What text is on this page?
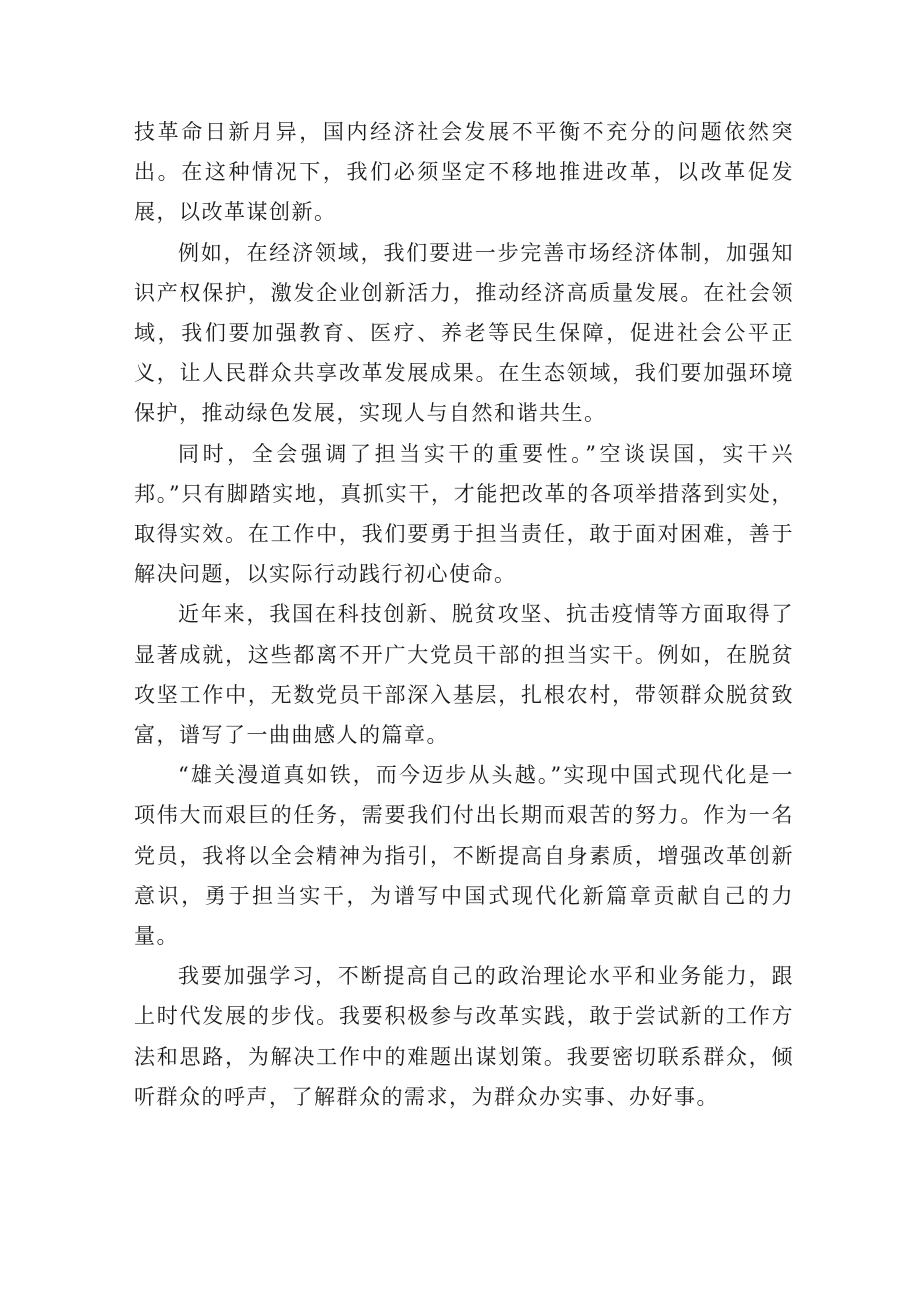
技革命日新月异，国内经济社会发展不平衡不充分的问题依然突出。在这种情况下，我们必须坚定不移地推进改革，以改革促发展，以改革谋创新。

例如，在经济领域，我们要进一步完善市场经济体制，加强知识产权保护，激发企业创新活力，推动经济高质量发展。在社会领域，我们要加强教育、医疗、养老等民生保障，促进社会公平正义，让人民群众共享改革发展成果。在生态领域，我们要加强环境保护，推动绿色发展，实现人与自然和谐共生。

同时，全会强调了担当实干的重要性。”空谈误国，实干兴邦。”只有脚踏实地，真抓实干，才能把改革的各项举措落到实处，取得实效。在工作中，我们要勇于担当责任，敢于面对困难，善于解决问题，以实际行动践行初心使命。

近年来，我国在科技创新、脱贫攻坚、抗击疫情等方面取得了显著成就，这些都离不开广大党员干部的担当实干。例如，在脱贫攻坚工作中，无数党员干部深入基层，扎根农村，带领群众脱贫致富，谱写了一曲曲感人的篇章。

“雄关漫道真如铁，而今迈步从头越。”实现中国式现代化是一项伟大而艰巨的任务，需要我们付出长期而艰苦的努力。作为一名党员，我将以全会精神为指引，不断提高自身素质，增强改革创新意识，勇于担当实干，为谱写中国式现代化新篇章贡献自己的力量。

我要加强学习，不断提高自己的政治理论水平和业务能力，跟上时代发展的步伐。我要积极参与改革实践，敢于尝试新的工作方法和思路，为解决工作中的难题出谋划策。我要密切联系群众，倾听群众的呼声，了解群众的需求，为群众办实事、办好事。
